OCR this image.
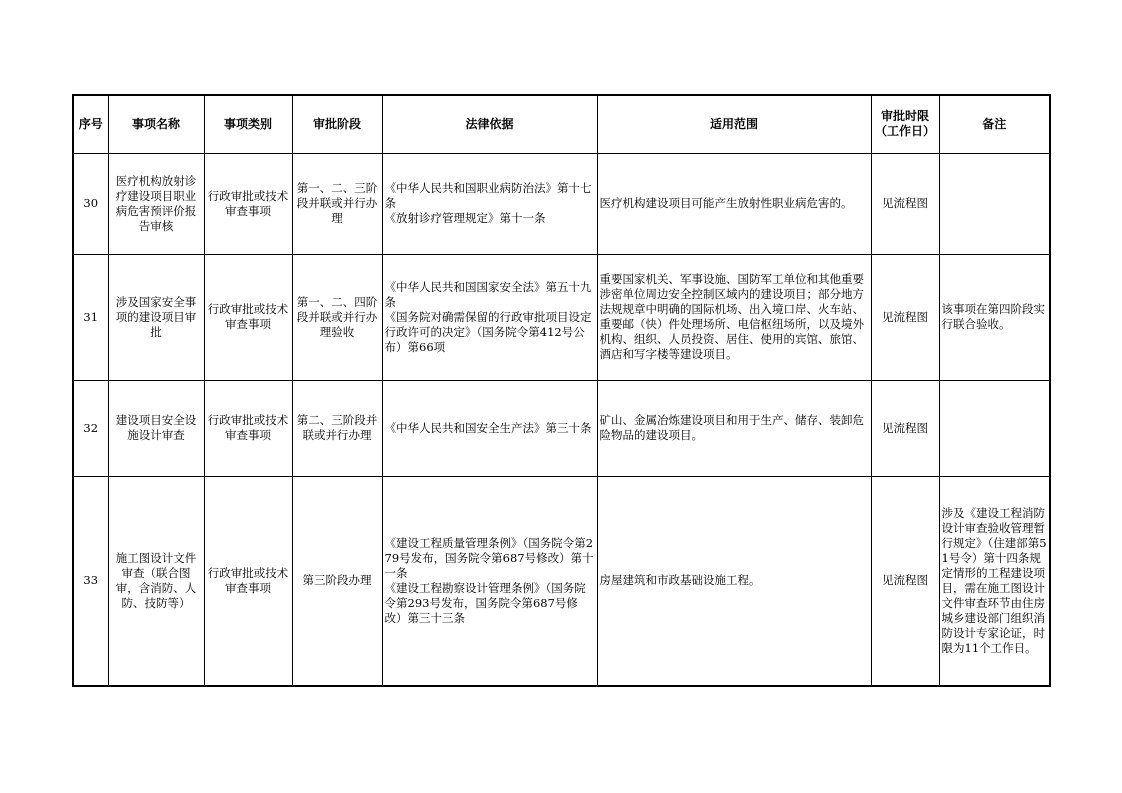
序号	事项名称	事项类别	审批阶段	法律依据	适用范围	审批时限（工作日）	备注
30	医疗机构放射诊疗建设项目职业病危害预评价报告审核	行政审批或技术审查事项	第一、二、三阶段并联或并行办理	《中华人民共和国职业病防治法》第十七条
《放射诊疗管理规定》第十一条	医疗机构建设项目可能产生放射性职业病危害的。	见流程图	
31	涉及国家安全事项的建设项目审批	行政审批或技术审查事项	第一、二、四阶段并联或并行办理验收	《中华人民共和国国家安全法》第五十九条
《国务院对确需保留的行政审批项目设定行政许可的决定》（国务院令第412号公布）第66项	重要国家机关、军事设施、国防军工单位和其他重要涉密单位周边安全控制区域内的建设项目；部分地方法规规章中明确的国际机场、出入境口岸、火车站、重要邮（快）件处理场所、电信枢纽场所，以及境外机构、组织、人员投资、居住、使用的宾馆、旅馆、酒店和写字楼等建设项目。	见流程图	该事项在第四阶段实行联合验收。
32	建设项目安全设施设计审查	行政审批或技术审查事项	第二、三阶段并联或并行办理	《中华人民共和国安全生产法》第三十条	矿山、金属冶炼建设项目和用于生产、储存、装卸危险物品的建设项目。	见流程图	
33	施工图设计文件审查（联合图审，含消防、人防、技防等）	行政审批或技术审查事项	第三阶段办理	《建设工程质量管理条例》（国务院令第279号发布，国务院令第687号修改）第十一条
《建设工程勘察设计管理条例》（国务院令第293号发布，国务院令第687号修改）第三十三条	房屋建筑和市政基础设施工程。	见流程图	涉及《建设工程消防设计审查验收管理暂行规定》（住建部第51号令）第十四条规定情形的工程建设项目，需在施工图设计文件审查环节由住房城乡建设部门组织消防设计专家论证，时限为11个工作日。
